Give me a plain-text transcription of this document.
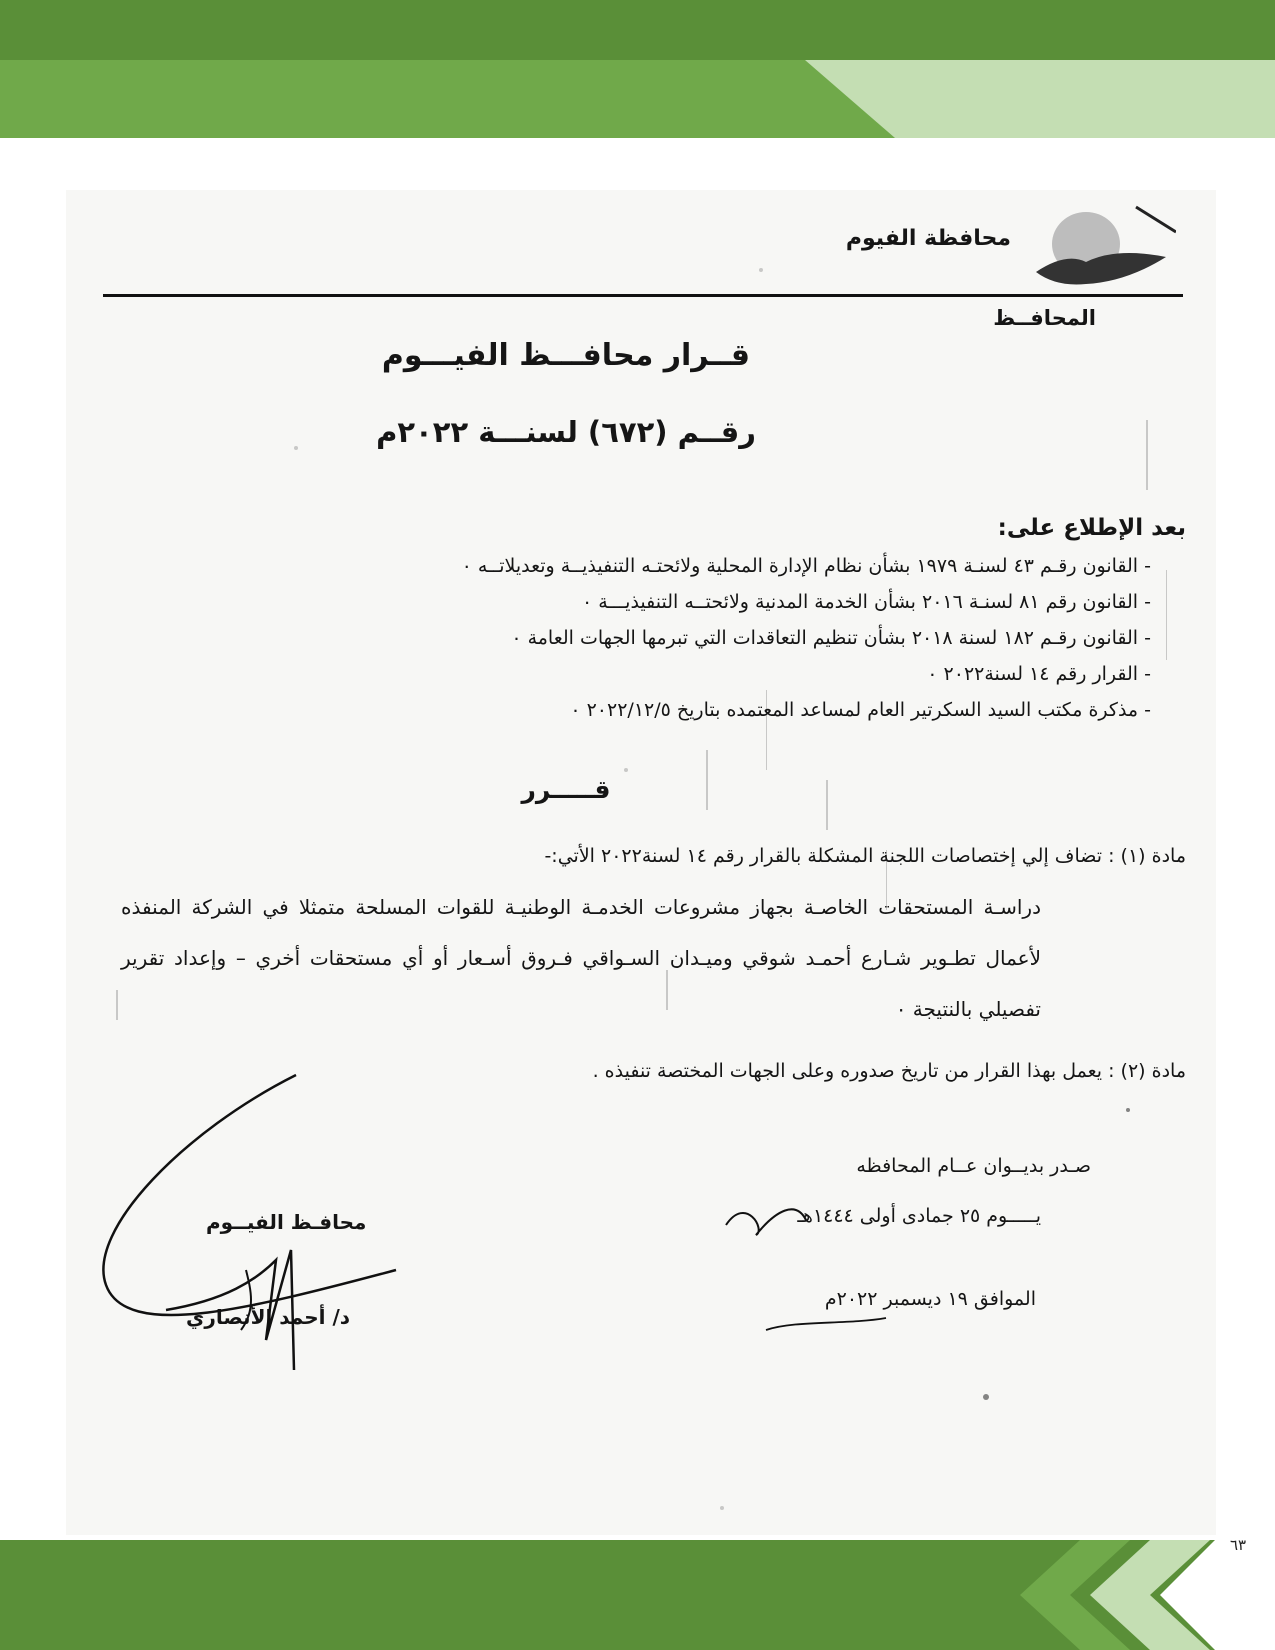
محافظة الفيوم
المحافــظ
قــرار محافـــظ الفيـــوم
رقــم (٦٧٢) لسنـــة ٢٠٢٢م
بعد الإطلاع على:
- القانون رقـم ٤٣ لسنـة ١٩٧٩ بشأن نظام الإدارة المحلية ولائحتـه التنفيذيــة وتعديلاتــه ٠
- القانون رقم ٨١ لسنـة ٢٠١٦ بشأن الخدمة المدنية ولائحتــه التنفيذيـــة ٠
- القانون رقـم ١٨٢ لسنة ٢٠١٨ بشأن تنظيم التعاقدات التي تبرمها الجهات العامة ٠
- القرار رقم ١٤ لسنة٢٠٢٢ ٠
- مذكرة مكتب السيد السكرتير العام لمساعد المعتمده بتاريخ ٢٠٢٢/١٢/٥ ٠
قـــــرر
مادة (١) : تضاف إلي إختصاصات اللجنة المشكلة بالقرار رقم ١٤ لسنة٢٠٢٢ الأتي:-
دراسـة المستحقات الخاصـة بجهاز مشروعات الخدمـة الوطنيـة للقوات المسلحة متمثلا في الشركة المنفذه لأعمال تطـوير شـارع أحمـد شوقي وميـدان السـواقي فـروق أسـعار أو أي مستحقات أخري – وإعداد تقرير تفصيلي بالنتيجة ٠
مادة (٢) : يعمل بهذا القرار من تاريخ صدوره وعلى الجهات المختصة تنفيذه .
صـدر بديــوان عــام المحافظه
يـــــوم ٢٥ جمادى أولى ١٤٤٤هـ
الموافق ١٩ ديسمبر ٢٠٢٢م
محافـظ الفيــوم
د/ أحمد الأنصاري
٦٣
